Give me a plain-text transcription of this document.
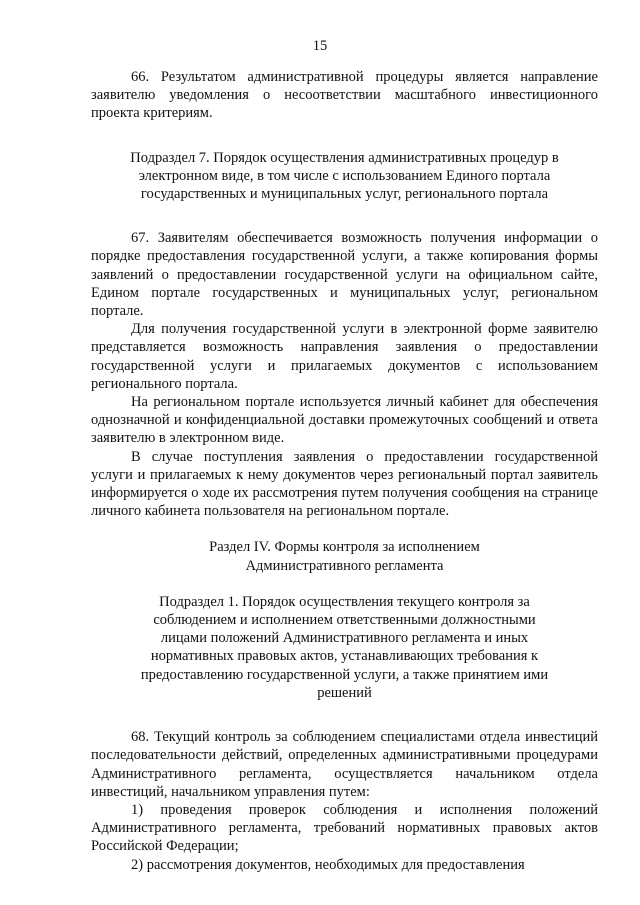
15

66. Результатом административной процедуры является направление заявителю уведомления о несоответствии масштабного инвестиционного проекта критериям.

Подраздел 7. Порядок осуществления административных процедур в электронном виде, в том числе с использованием Единого портала государственных и муниципальных услуг, регионального портала

67. Заявителям обеспечивается возможность получения информации о порядке предоставления государственной услуги, а также копирования формы заявлений о предоставлении государственной услуги на официальном сайте, Едином портале государственных и муниципальных услуг, региональном портале.

Для получения государственной услуги в электронной форме заявителю представляется возможность направления заявления о предоставлении государственной услуги и прилагаемых документов с использованием регионального портала.

На региональном портале используется личный кабинет для обеспечения однозначной и конфиденциальной доставки промежуточных сообщений и ответа заявителю в электронном виде.

В случае поступления заявления о предоставлении государственной услуги и прилагаемых к нему документов через региональный портал заявитель информируется о ходе их рассмотрения путем получения сообщения на странице личного кабинета пользователя на региональном портале.

Раздел IV. Формы контроля за исполнением

Административного регламента

Подраздел 1. Порядок осуществления текущего контроля за соблюдением и исполнением ответственными должностными лицами положений Административного регламента и иных нормативных правовых актов, устанавливающих требования к предоставлению государственной услуги, а также принятием ими решений

68. Текущий контроль за соблюдением специалистами отдела инвестиций последовательности действий, определенных административными процедурами Административного регламента, осуществляется начальником отдела инвестиций, начальником управления путем:

1) проведения проверок соблюдения и исполнения положений Административного регламента, требований нормативных правовых актов Российской Федерации;

2) рассмотрения документов, необходимых для предоставления
